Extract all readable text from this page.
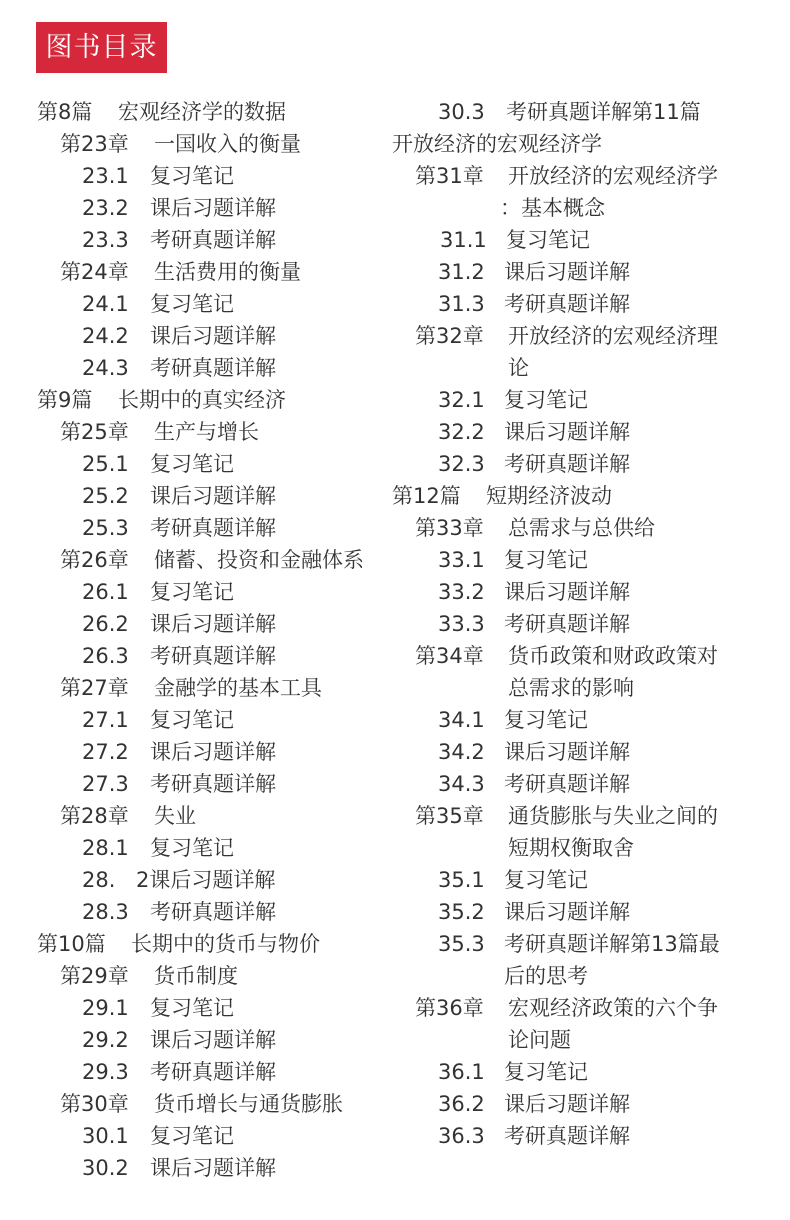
图书目录
第8篇 宏观经济学的数据
第23章 一国收入的衡量
23.1 复习笔记
23.2 课后习题详解
23.3 考研真题详解
第24章 生活费用的衡量
24.1 复习笔记
24.2 课后习题详解
24.3 考研真题详解
第9篇 长期中的真实经济
第25章 生产与增长
25.1 复习笔记
25.2 课后习题详解
25.3 考研真题详解
第26章 储蓄、投资和金融体系
26.1 复习笔记
26.2 课后习题详解
26.3 考研真题详解
第27章 金融学的基本工具
27.1 复习笔记
27.2 课后习题详解
27.3 考研真题详解
第28章 失业
28.1 复习笔记
28. 2课后习题详解
28.3 考研真题详解
第10篇 长期中的货币与物价
第29章 货币制度
29.1 复习笔记
29.2 课后习题详解
29.3 考研真题详解
第30章 货币增长与通货膨胀
30.1 复习笔记
30.2 课后习题详解
30.3 考研真题详解第11篇
开放经济的宏观经济学
第31章 开放经济的宏观经济学
：基本概念
31.1 复习笔记
31.2 课后习题详解
31.3 考研真题详解
第32章 开放经济的宏观经济理
论
32.1 复习笔记
32.2 课后习题详解
32.3 考研真题详解
第12篇 短期经济波动
第33章 总需求与总供给
33.1 复习笔记
33.2 课后习题详解
33.3 考研真题详解
第34章 货币政策和财政政策对
总需求的影响
34.1 复习笔记
34.2 课后习题详解
34.3 考研真题详解
第35章 通货膨胀与失业之间的
短期权衡取舍
35.1 复习笔记
35.2 课后习题详解
35.3 考研真题详解第13篇最
后的思考
第36章 宏观经济政策的六个争
论问题
36.1 复习笔记
36.2 课后习题详解
36.3 考研真题详解
